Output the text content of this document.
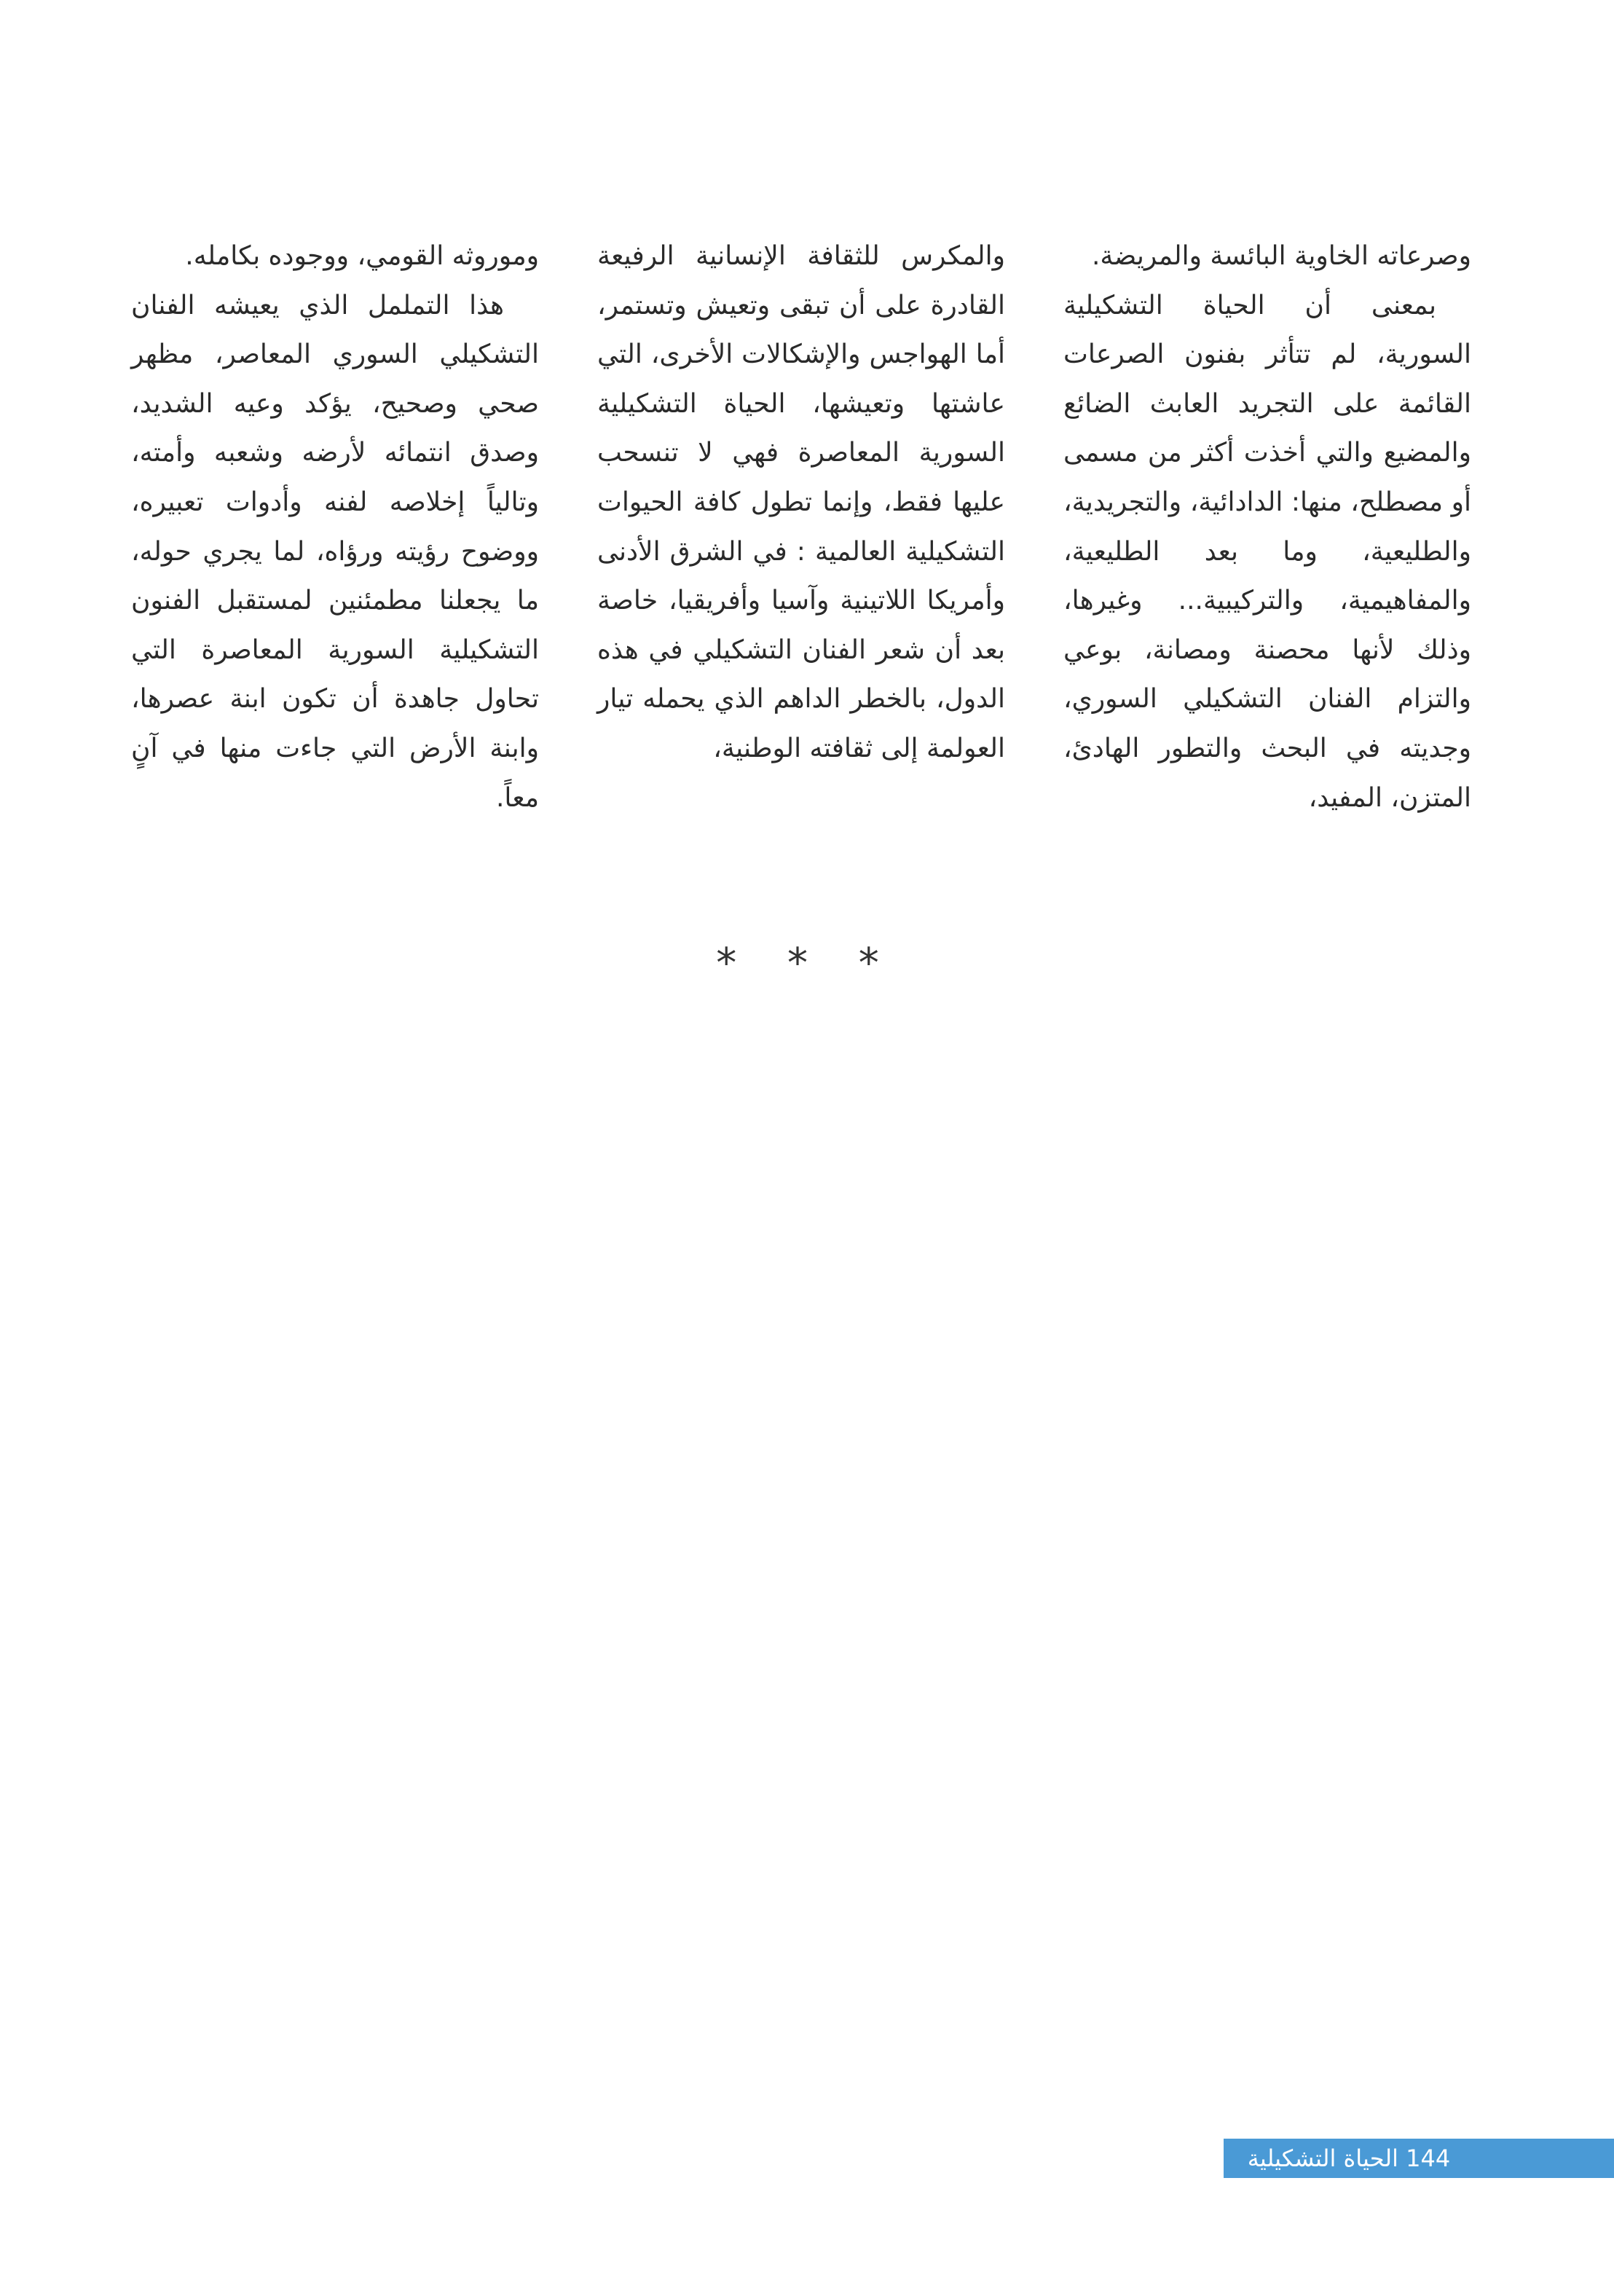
وصرعاته الخاوية البائسة والمريضة.

بمعنى أن الحياة التشكيلية السورية، لم تتأثر بفنون الصرعات القائمة على التجريد العابث الضائع والمضيع والتي أخذت أكثر من مسمى أو مصطلح، منها: الدادائية، والتجريدية، والطليعية، وما بعد الطليعية، والمفاهيمية، والتركيبية... وغيرها، وذلك لأنها محصنة ومصانة، بوعي والتزام الفنان التشكيلي السوري، وجديته في البحث والتطور الهادئ، المتزن، المفيد،

والمكرس للثقافة الإنسانية الرفيعة القادرة على أن تبقى وتعيش وتستمر، أما الهواجس والإشكالات الأخرى، التي عاشتها وتعيشها، الحياة التشكيلية السورية المعاصرة فهي لا تنسحب عليها فقط، وإنما تطول كافة الحيوات التشكيلية العالمية : في الشرق الأدنى وأمريكا اللاتينية وآسيا وأفريقيا، خاصة بعد أن شعر الفنان التشكيلي في هذه الدول، بالخطر الداهم الذي يحمله تيار العولمة إلى ثقافته الوطنية،

وموروثه القومي، ووجوده بكامله.

هذا التململ الذي يعيشه الفنان التشكيلي السوري المعاصر، مظهر صحي وصحيح، يؤكد وعيه الشديد، وصدق انتمائه لأرضه وشعبه وأمته، وتالياً إخلاصه لفنه وأدوات تعبيره، ووضوح رؤيته ورؤاه، لما يجري حوله، ما يجعلنا مطمئنين لمستقبل الفنون التشكيلية السورية المعاصرة التي تحاول جاهدة أن تكون ابنة عصرها، وابنة الأرض التي جاءت منها في آنٍ معاً.

* * *
144 الحياة التشكيلية
